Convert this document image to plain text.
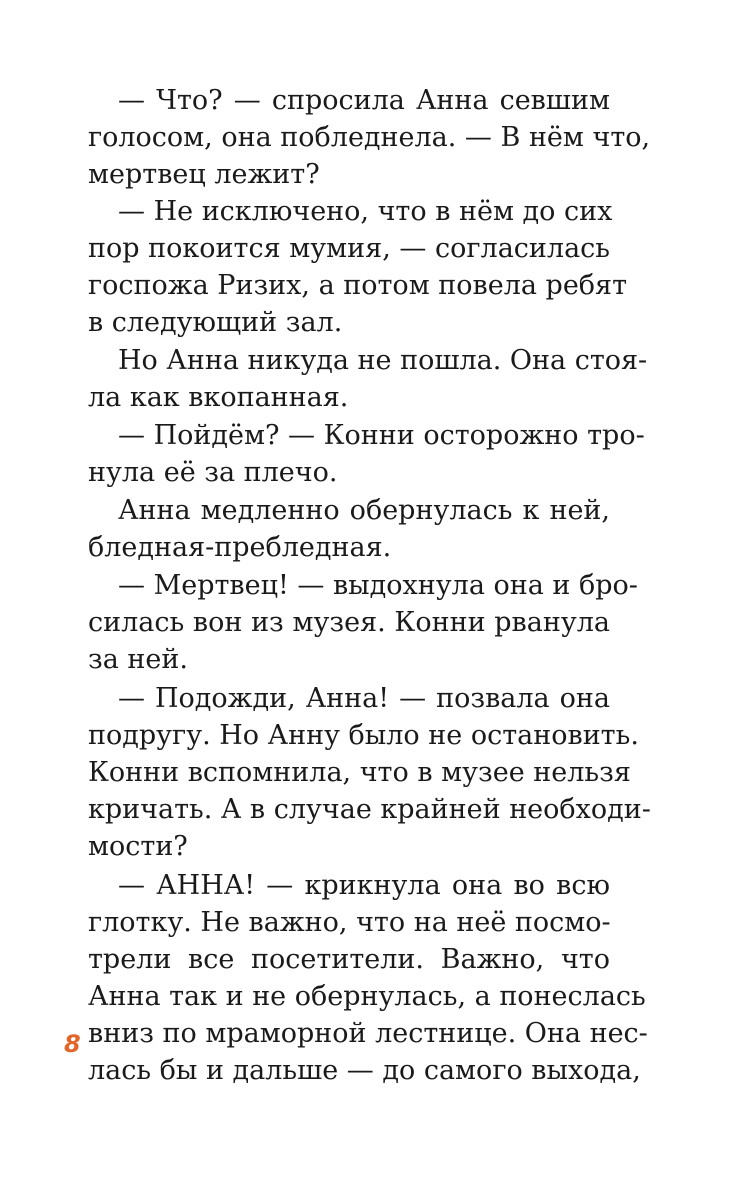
— Что? — спросила Анна севшим
голосом, она побледнела. — В нём что,
мертвец лежит?
— Не исключено, что в нём до сих
пор покоится мумия, — согласилась
госпожа Ризих, а потом повела ребят
в следующий зал.
Но Анна никуда не пошла. Она стоя-
ла как вкопанная.
— Пойдём? — Конни осторожно тро-
нула её за плечо.
Анна медленно обернулась к ней,
бледная-пребледная.
— Мертвец! — выдохнула она и бро-
силась вон из музея. Конни рванула
за ней.
— Подожди, Анна! — позвала она
подругу. Но Анну было не остановить.
Конни вспомнила, что в музее нельзя
кричать. А в случае крайней необходи-
мости?
— АННА! — крикнула она во всю
глотку. Не важно, что на неё посмо-
трели все посетители. Важно, что
Анна так и не обернулась, а понеслась
вниз по мраморной лестнице. Она нес-
лась бы и дальше — до самого выхода,
8
